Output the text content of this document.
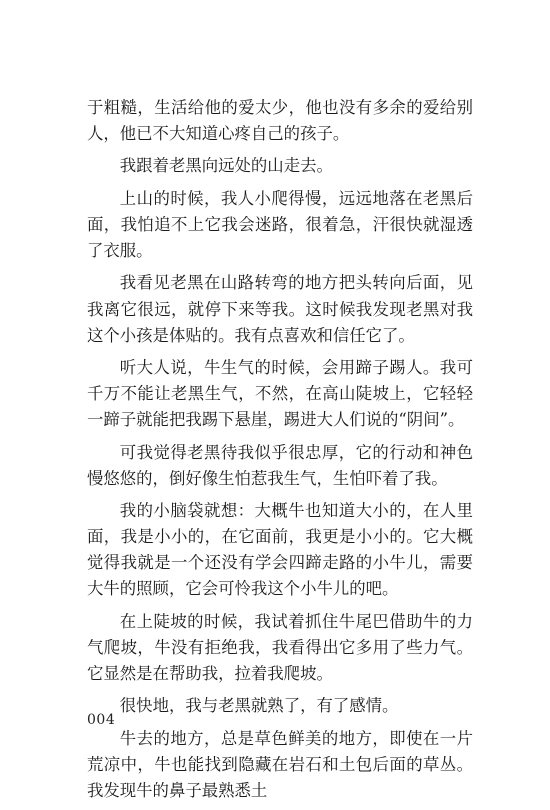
于粗糙，生活给他的爱太少，他也没有多余的爱给别人，他已不大知道心疼自己的孩子。

我跟着老黑向远处的山走去。

上山的时候，我人小爬得慢，远远地落在老黑后面，我怕追不上它我会迷路，很着急，汗很快就湿透了衣服。

我看见老黑在山路转弯的地方把头转向后面，见我离它很远，就停下来等我。这时候我发现老黑对我这个小孩是体贴的。我有点喜欢和信任它了。

听大人说，牛生气的时候，会用蹄子踢人。我可千万不能让老黑生气，不然，在高山陡坡上，它轻轻一蹄子就能把我踢下悬崖，踢进大人们说的“阴间”。

可我觉得老黑待我似乎很忠厚，它的行动和神色慢悠悠的，倒好像生怕惹我生气，生怕吓着了我。

我的小脑袋就想：大概牛也知道大小的，在人里面，我是小小的，在它面前，我更是小小的。它大概觉得我就是一个还没有学会四蹄走路的小牛儿，需要大牛的照顾，它会可怜我这个小牛儿的吧。

在上陡坡的时候，我试着抓住牛尾巴借助牛的力气爬坡，牛没有拒绝我，我看得出它多用了些力气。它显然是在帮助我，拉着我爬坡。

很快地，我与老黑就熟了，有了感情。

牛去的地方，总是草色鲜美的地方，即使在一片荒凉中，牛也能找到隐藏在岩石和土包后面的草丛。我发现牛的鼻子最熟悉土

004
